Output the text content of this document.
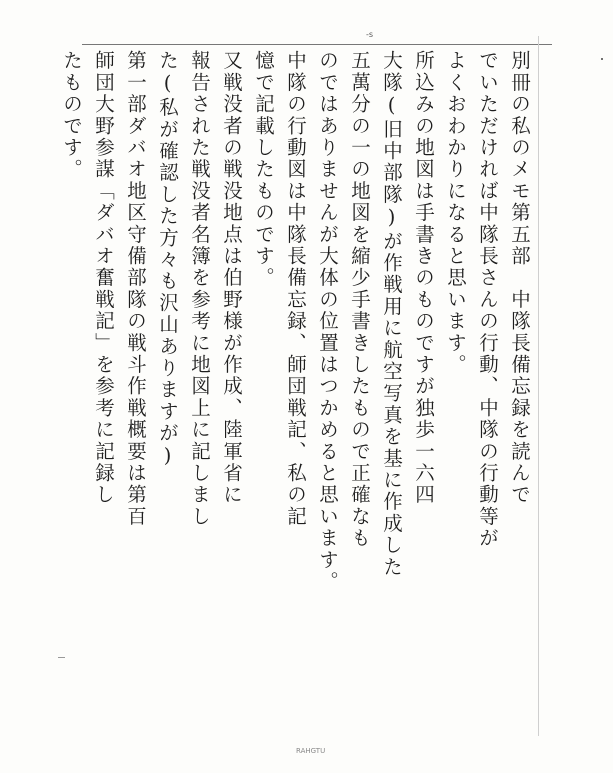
-s
別冊の私のメモ第五部　中隊長備忘録を読んで
でいただければ中隊長さんの行動、中隊の行動等が
よくおわかりになると思います。
所込みの地図は手書きのものですが独歩一六四
大隊(旧中部隊)が作戦用に航空写真を基に作成した
五萬分の一の地図を縮少手書きしたもので正確なも
のではありませんが大体の位置はつかめると思います。
中隊の行動図は中隊長備忘録、師団戦記、私の記
憶で記載したものです。
又戦没者の戦没地点は伯野様が作成、陸軍省に
報告された戦没者名簿を参考に地図上に記しまし
た(私が確認した方々も沢山ありますが)
第一部ダバオ地区守備部隊の戦斗作戦概要は第百
師団大野参謀「ダバオ奮戦記」を参考に記録し
たものです。
RAHGTU
